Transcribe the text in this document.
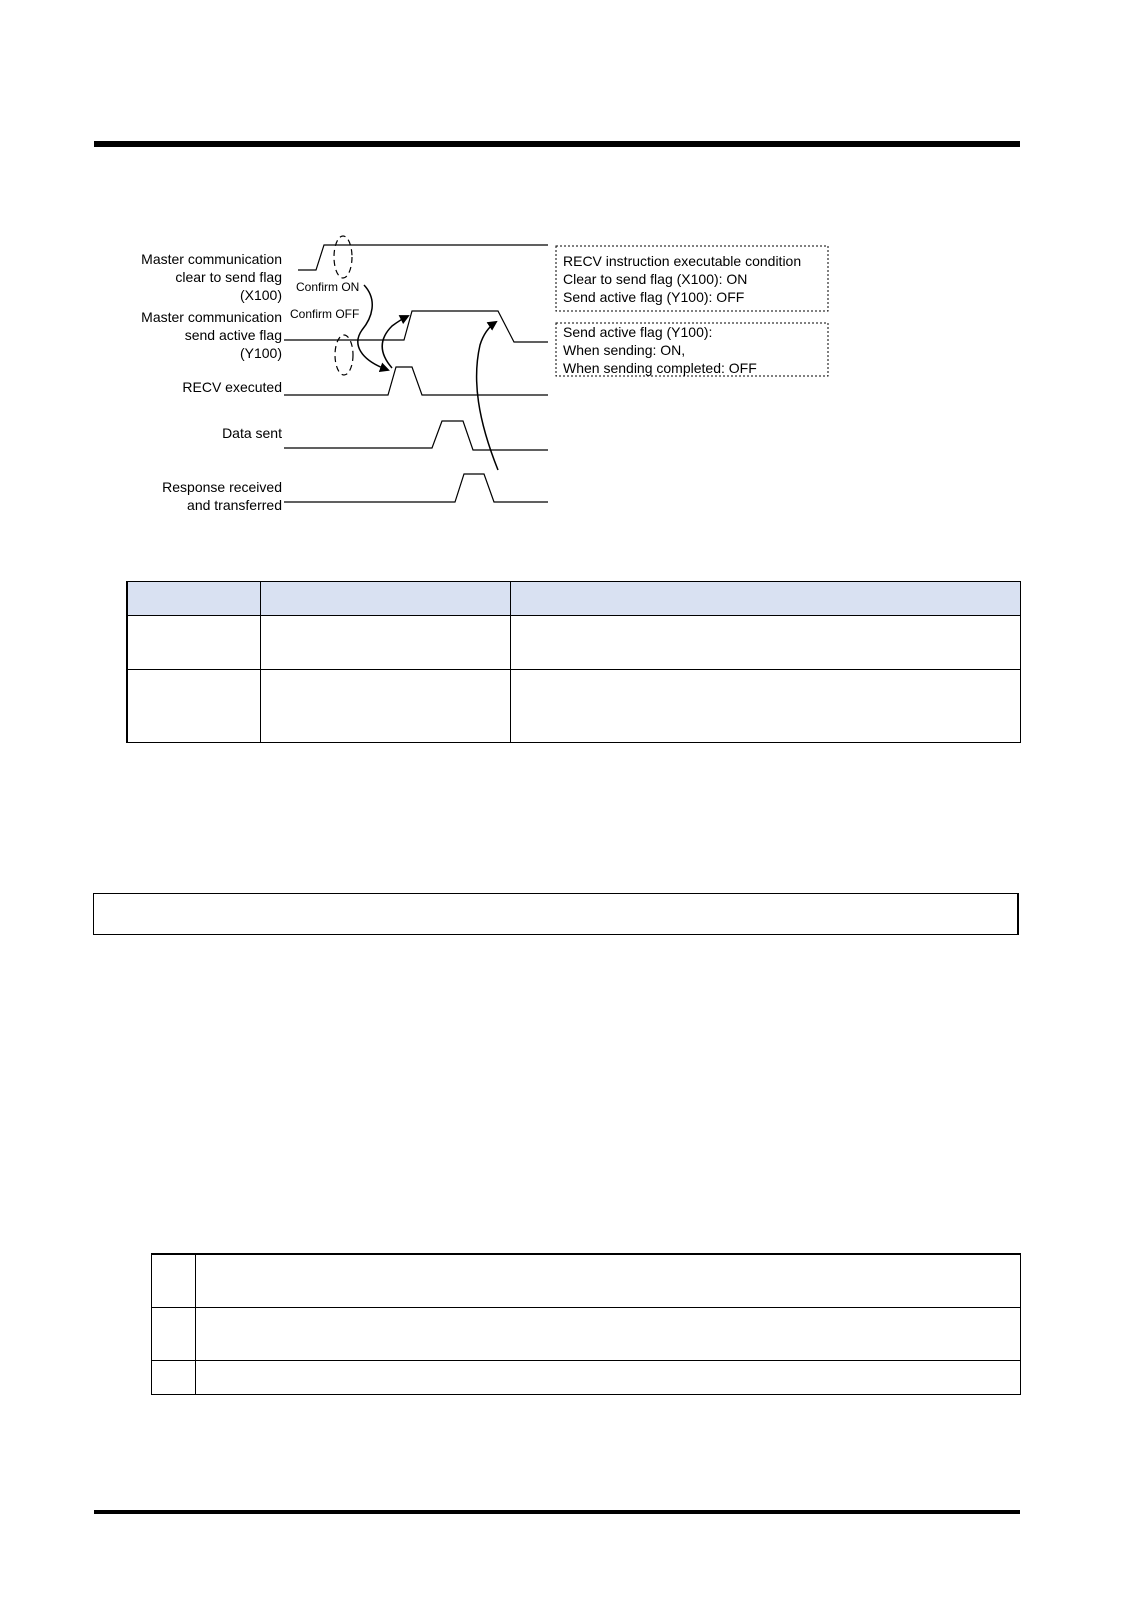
Master communication
clear to send flag
(X100)
Master communication
send active flag
(Y100)
RECV executed
Data sent
Response received
and transferred
Confirm ON
Confirm OFF
RECV instruction executable condition
Clear to send flag (X100): ON
Send active flag (Y100): OFF
Send active flag (Y100):
When sending: ON,
When sending completed: OFF
